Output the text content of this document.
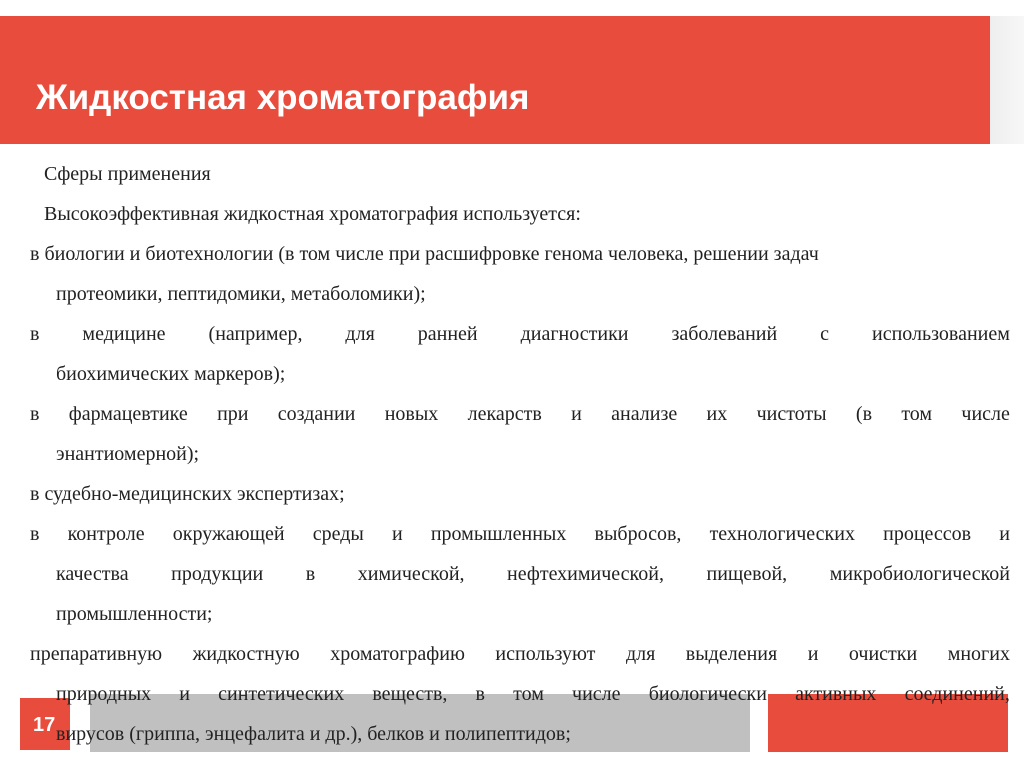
Жидкостная хроматография
17
Сферы применения
Высокоэффективная жидкостная хроматография используется:
в биологии и биотехнологии (в том числе при расшифровке генома человека, решении задач
протеомики, пептидомики, метаболомики);
в медицине (например, для ранней диагностики заболеваний с использованием
биохимических маркеров);
в фармацевтике при создании новых лекарств и анализе их чистоты (в том числе
энантиомерной);
в судебно-медицинских экспертизах;
в контроле окружающей среды и промышленных выбросов, технологических процессов и
качества продукции в химической, нефтехимической, пищевой, микробиологической
промышленности;
препаративную жидкостную хроматографию используют для выделения и очистки многих
природных и синтетических веществ, в том числе биологически активных соединений,
вирусов (гриппа, энцефалита и др.), белков и полипептидов;
